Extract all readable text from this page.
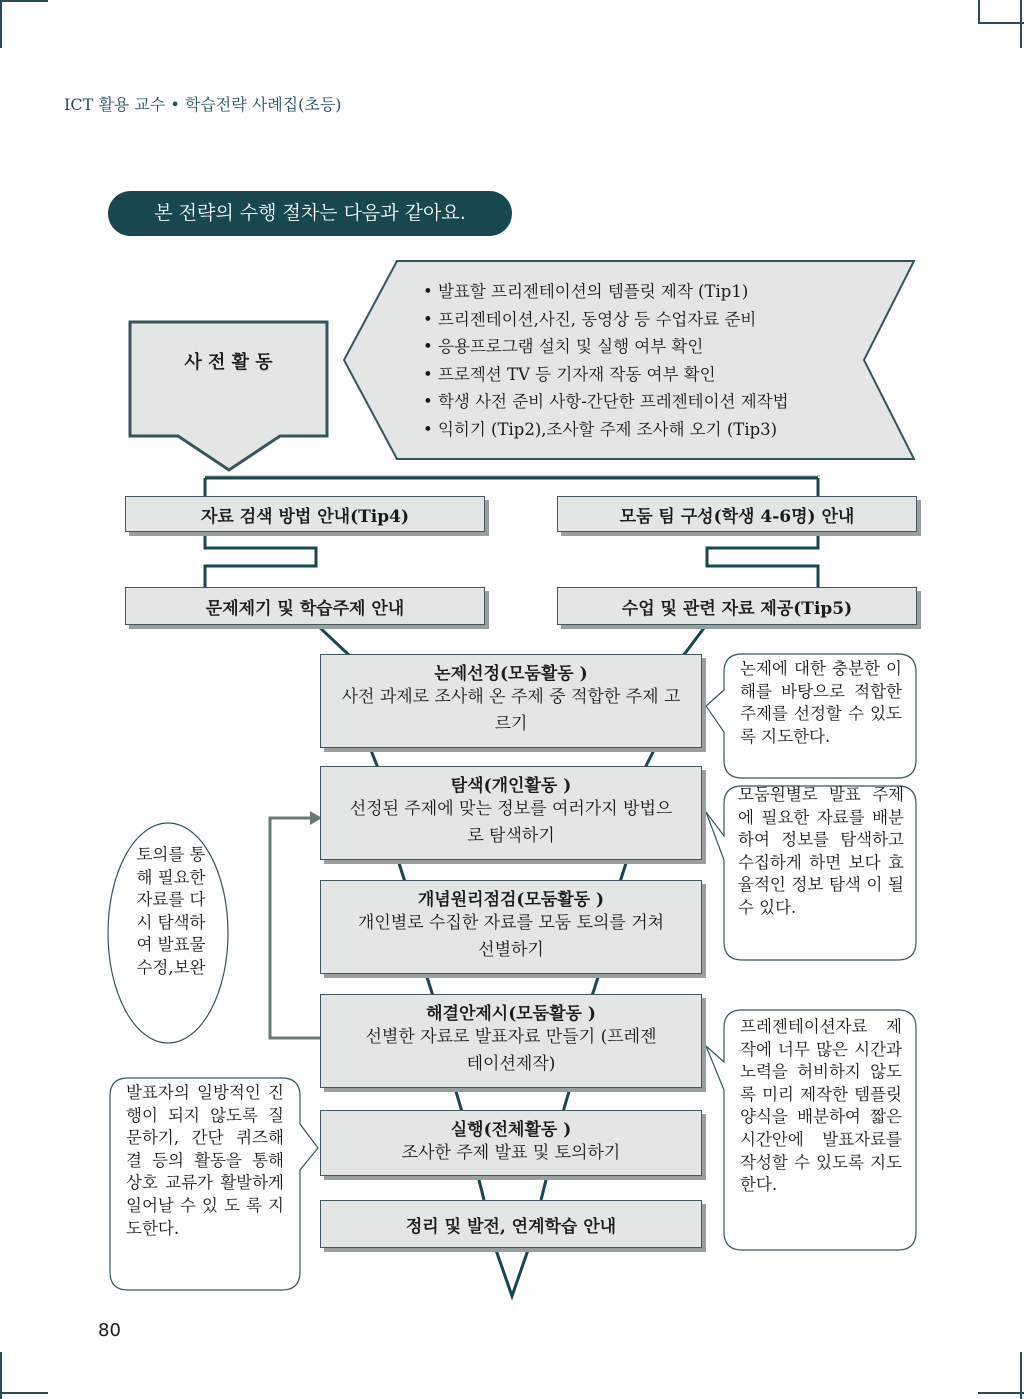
ICT 활용 교수 • 학습전략 사례집(초등)
본 전략의 수행 절차는 다음과 같아요.
사 전 활 동
• 발표할 프리젠테이션의 템플릿 제작 (Tip1)
• 프리젠테이션,사진, 동영상 등 수업자료 준비
• 응용프로그램 설치 및 실행 여부 확인
• 프로젝션 TV 등 기자재 작동 여부 확인
• 학생 사전 준비 사항-간단한 프레젠테이션 제작법
• 익히기 (Tip2),조사할 주제 조사해 오기 (Tip3)
자료 검색 방법 안내(Tip4)	모둠 팀 구성(학생 4-6명) 안내
문제제기 및 학습주제 안내	수업 및 관련 자료 제공(Tip5)
논제선정(모둠활동 )
사전 과제로 조사해 온 주제 중 적합한 주제 고르기
탐색(개인활동 )
선정된 주제에 맞는 정보를 여러가지 방법으로 탐색하기
개념원리점검(모둠활동 )
개인별로 수집한 자료를 모둠 토의를 거쳐 선별하기
해결안제시(모둠활동 )
선별한 자료로 발표자료 만들기 (프레젠테이션제작)
실행(전체활동 )
조사한 주제 발표 및 토의하기
정리 및 발전, 연계학습 안내
논제에 대한 충분한 이해를 바탕으로 적합한 주제를 선정할 수 있도록 지도한다.
모둠원별로 발표 주제에 필요한 자료를 배분하여 정보를 탐색하고 수집하게 하면 보다 효율적인 정보 탐색 이 될 수 있다.
프레젠테이션자료 제작에 너무 많은 시간과 노력을 허비하지 않도록 미리 제작한 템플릿 양식을 배분하여 짧은 시간안에 발표자료를 작성할 수 있도록 지도한다.
토의를 통해 필요한 자료를 다시 탐색하여 발표물 수정,보완
발표자의 일방적인 진행이 되지 않도록 질문하기, 간단 퀴즈해결 등의 활동을 통해 상호 교류가 활발하게 일어날 수 있 도 록 지도한다.
80
